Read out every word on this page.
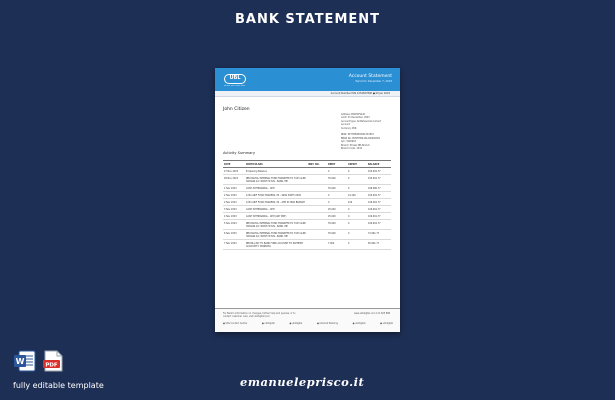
BANK STATEMENT
UBL
where you come first
Account Statement
Period to December 7, 2023
Account Number PLN 1234567890 ● 00 Jan 2022
John Citizen
Address: PORTOFOLIO
Limit: 31 December, 2023
Account type: All Behavioral Current
Account
Currency: PKR

IBAN: PK77BPUNI0001234567
BBAN No: PUNTHW0101A00000001
A/C: 3140903
Branch: Emaar IBS Branch
Branch Code: 1234
Activity Summary
DATE	PARTICULARS	INST. NO.	DEBIT	CREDIT	BALANCE
27 Nov 2023	B Opening Balance		0	0	105,991.77
28 Nov 2023	IBB DIGITAL INTERNAL FUND TRANSFER TO 7023 ALIBI HASSAN A/C 3009774 PLN - BANK, ME		35,000	0	105,991.77
1 Nov 2023	CASH WITHDRAWAL - ATM		35,000	0	108,080.77
2 Nov 2023	1234 ARIF FOOD TRADERS, P2 - 9999 34875 0000		0	19,100	105,991.77
2 Nov 2023	1234 ARIF FOOD TRADERS, P2 - ATM 017600 BRANCH		0	100	106,091.77
3 Nov 2023	CASH WITHDRAWAL - ATM		25,000	0	106,991.77
4 Nov 2023	CASH WITHDRAWAL - ATM (ARY MKT)		25,000	0	106,991.77
5 Nov 2023	IBB DIGITAL INTERNAL FUND TRANSFER TO 7023 ALIBI HASSAN A/C 3009774 PLN - BANK, ME		35,000	0	106,991.77
6 Nov 2023	IBB DIGITAL INTERNAL FUND TRANSFER TO 7023 ALIBI HASSAN A/C 3009774 PLN - BANK, ME		35,000	0	72,991.77
7 Nov 2023	IBB BILL PAY TO BANK FUND ACCOUNT TO PAYMENT ACCOUNT 5 34998250		7,900	0	65,991.77
For Bank's information on changes, further help and queries, or to contact customer care, visit ubldigital.com
www.ubldigital.com 111 825 888
● UBL Contact Centre	● ubldigital	● ubldigital	● Internet Banking	● ubldigital	● ubldigital
W	PDF
fully editable template	emanueleprisco.it
